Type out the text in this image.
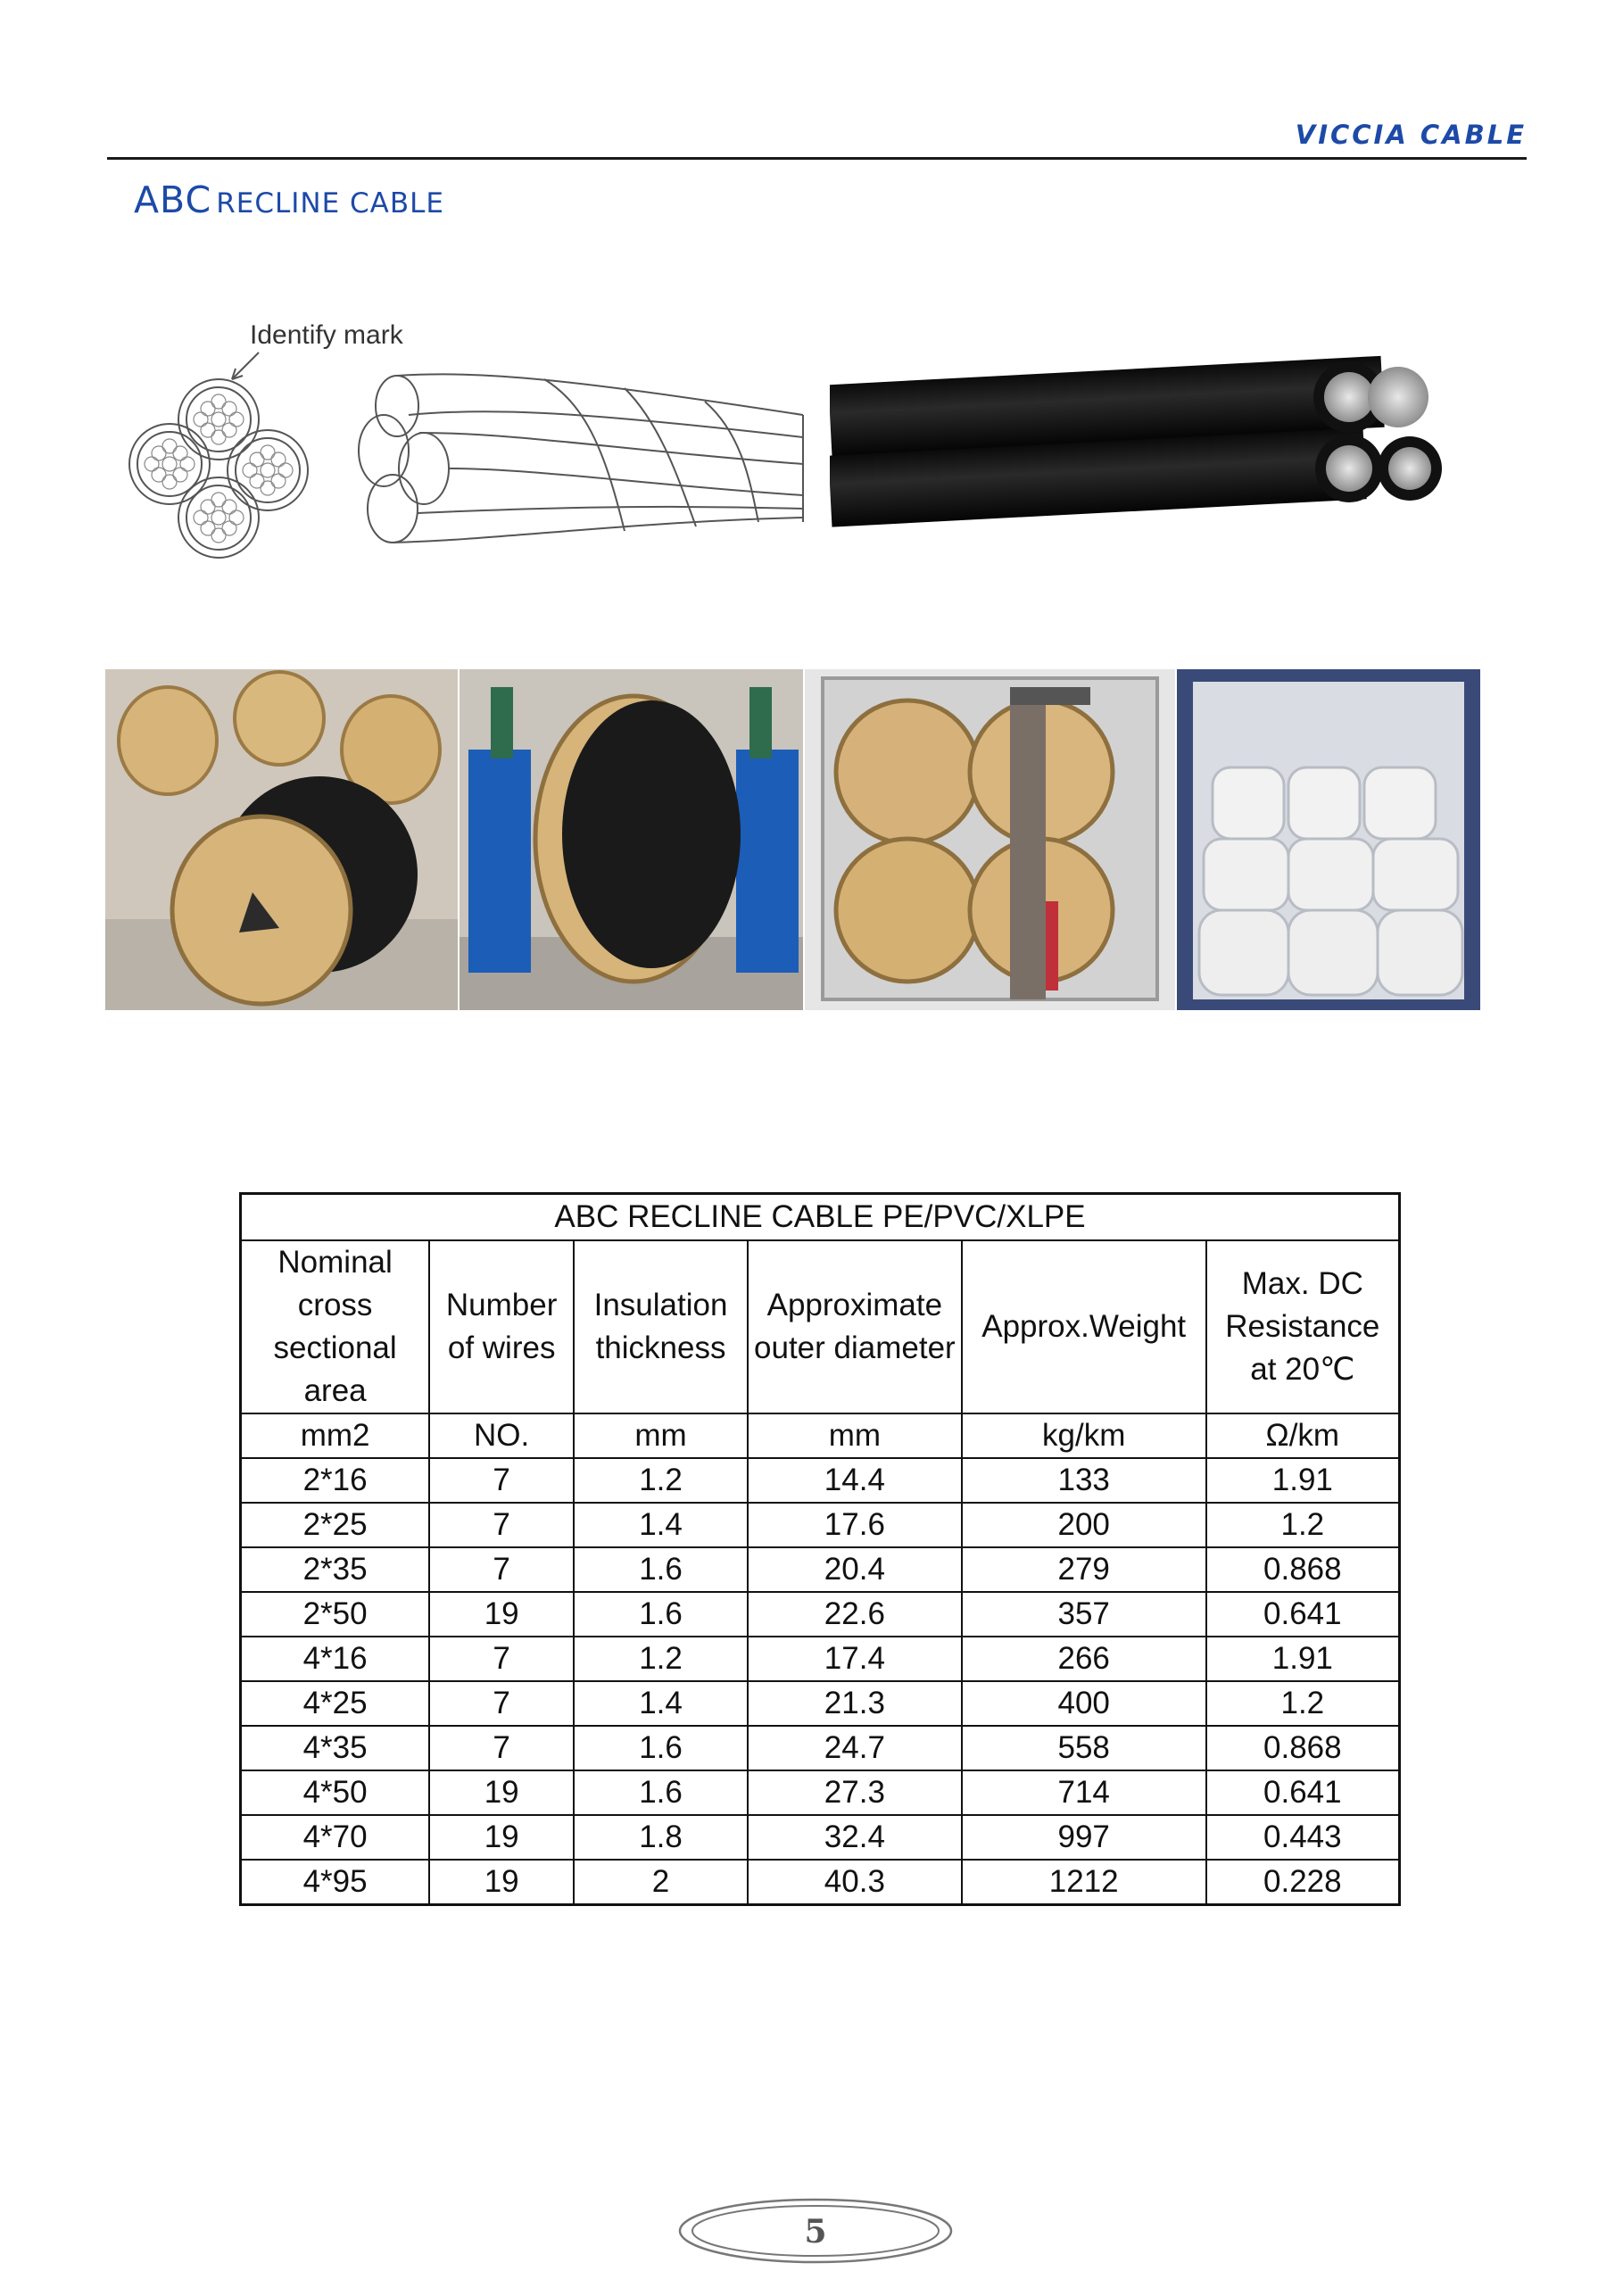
VICCIA CABLE
ABC RECLINE CABLE
Identify mark
ABC RECLINE CABLE PE/PVC/XLPE					
Nominal cross sectional area	Number of wires	Insulation thickness	Approximate outer diameter	Approx.Weight	Max. DC Resistance at 20℃
mm2	NO.	mm	mm	kg/km	Ω/km
2*16	7	1.2	14.4	133	1.91
2*25	7	1.4	17.6	200	1.2
2*35	7	1.6	20.4	279	0.868
2*50	19	1.6	22.6	357	0.641
4*16	7	1.2	17.4	266	1.91
4*25	7	1.4	21.3	400	1.2
4*35	7	1.6	24.7	558	0.868
4*50	19	1.6	27.3	714	0.641
4*70	19	1.8	32.4	997	0.443
4*95	19	2	40.3	1212	0.228
5
